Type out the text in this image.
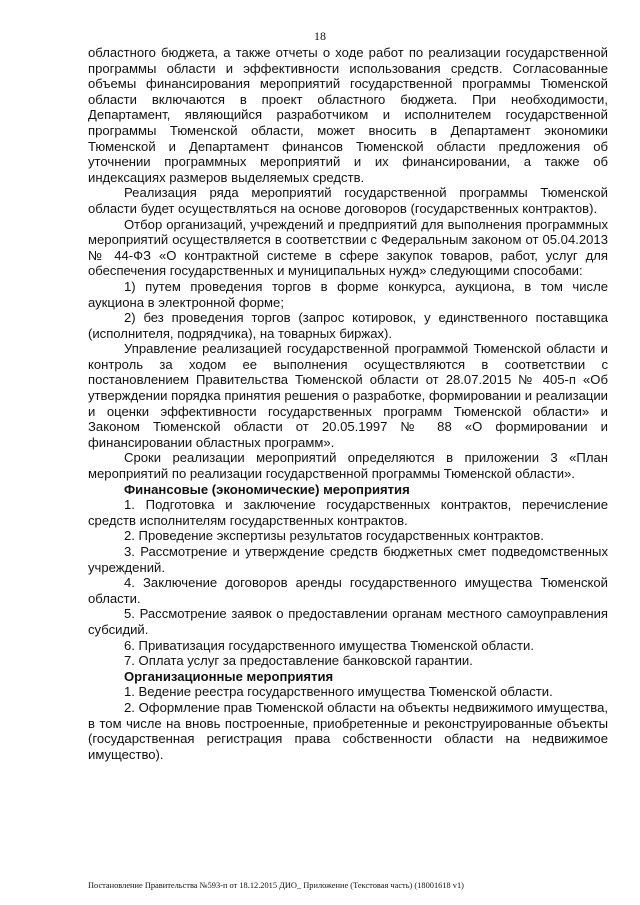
18

областного бюджета, а также отчеты о ходе работ по реализации государственной программы области и эффективности использования средств. Согласованные объемы финансирования мероприятий государственной программы Тюменской области включаются в проект областного бюджета. При необходимости, Департамент, являющийся разработчиком и исполнителем государственной программы Тюменской области, может вносить в Департамент экономики Тюменской и Департамент финансов Тюменской области предложения об уточнении программных мероприятий и их финансировании, а также об индексациях размеров выделяемых средств.

Реализация ряда мероприятий государственной программы Тюменской области будет осуществляться на основе договоров (государственных контрактов).

Отбор организаций, учреждений и предприятий для выполнения программных мероприятий осуществляется в соответствии с Федеральным законом от 05.04.2013 № 44-ФЗ «О контрактной системе в сфере закупок товаров, работ, услуг для обеспечения государственных и муниципальных нужд» следующими способами:

1) путем проведения торгов в форме конкурса, аукциона, в том числе аукциона в электронной форме;

2) без проведения торгов (запрос котировок, у единственного поставщика (исполнителя, подрядчика), на товарных биржах).

Управление реализацией государственной программой Тюменской области и контроль за ходом ее выполнения осуществляются в соответствии с постановлением Правительства Тюменской области от 28.07.2015 № 405-п «Об утверждении порядка принятия решения о разработке, формировании и реализации и оценки эффективности государственных программ Тюменской области» и Законом Тюменской области от 20.05.1997 № 88 «О формировании и финансировании областных программ».

Сроки реализации мероприятий определяются в приложении 3 «План мероприятий по реализации государственной программы Тюменской области».

Финансовые (экономические) мероприятия

1. Подготовка и заключение государственных контрактов, перечисление средств исполнителям государственных контрактов.

2. Проведение экспертизы результатов государственных контрактов.

3. Рассмотрение и утверждение средств бюджетных смет подведомственных учреждений.

4. Заключение договоров аренды государственного имущества Тюменской области.

5. Рассмотрение заявок о предоставлении органам местного самоуправления субсидий.

6. Приватизация государственного имущества Тюменской области.

7. Оплата услуг за предоставление банковской гарантии.

Организационные мероприятия

1. Ведение реестра государственного имущества Тюменской области.

2. Оформление прав Тюменской области на объекты недвижимого имущества, в том числе на вновь построенные, приобретенные и реконструированные объекты (государственная регистрация права собственности области на недвижимое имущество).

Постановление Правительства №593-п от 18.12.2015 ДИО_ Приложение (Текстовая часть) (18001618 v1)
